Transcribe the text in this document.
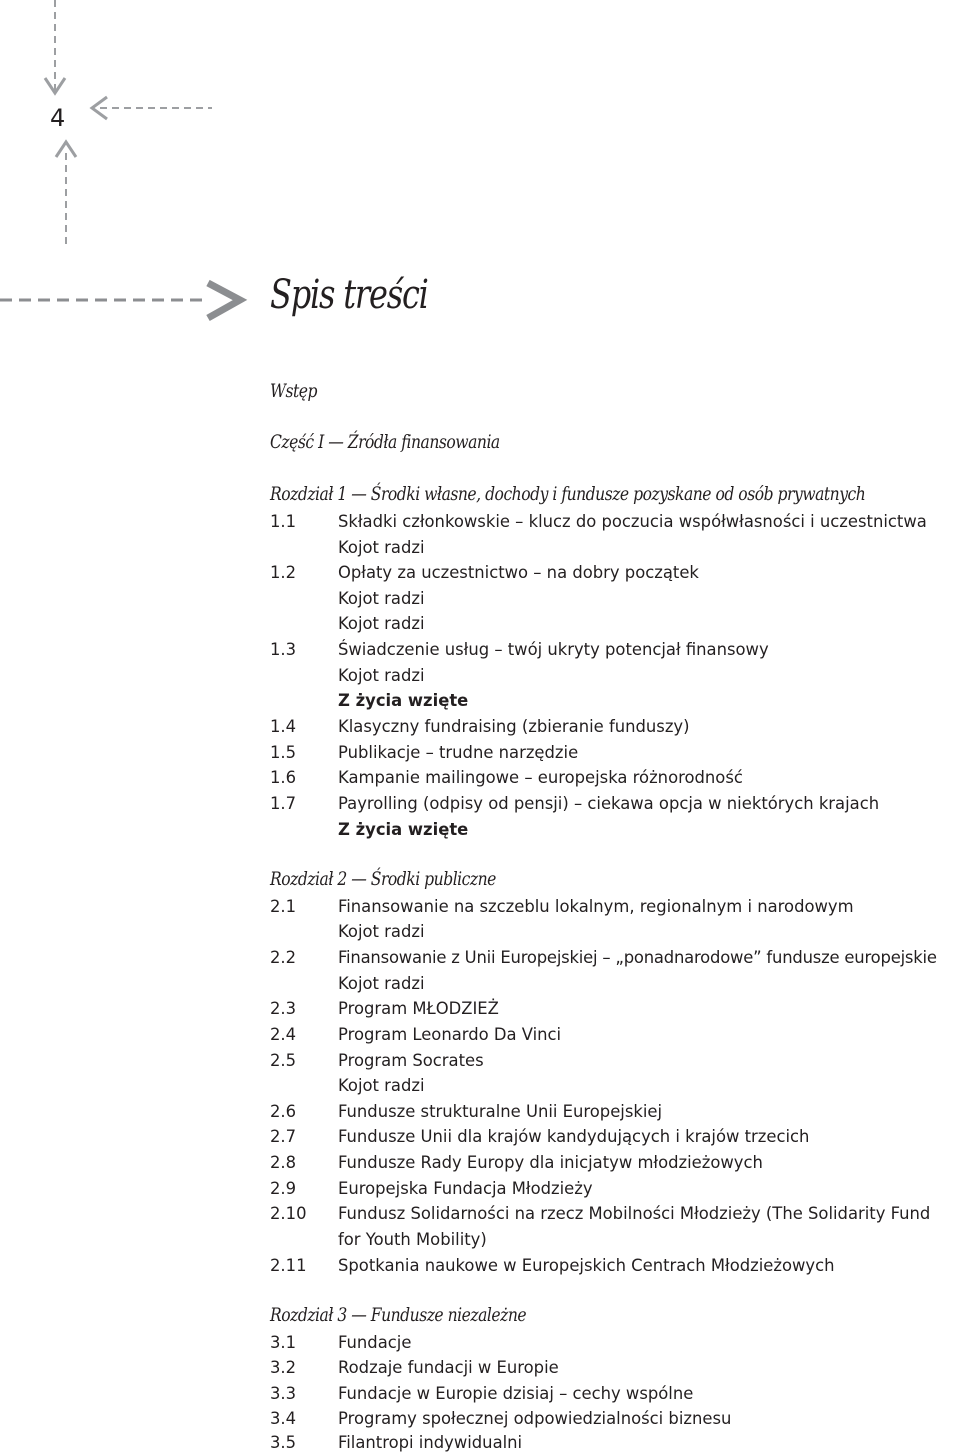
4
Spis treści
Wstęp
Część I — Źródła finansowania
Rozdział 1 — Środki własne, dochody i fundusze pozyskane od osób prywatnych
1.1	Składki członkowskie – klucz do poczucia współwłasności i uczestnictwa
Kojot radzi
1.2	Opłaty za uczestnictwo – na dobry początek
Kojot radzi
Kojot radzi
1.3	Świadczenie usług – twój ukryty potencjał finansowy
Kojot radzi
Z życia wzięte
1.4	Klasyczny fundraising (zbieranie funduszy)
1.5	Publikacje – trudne narzędzie
1.6	Kampanie mailingowe – europejska różnorodność
1.7	Payrolling (odpisy od pensji) – ciekawa opcja w niektórych krajach
Z życia wzięte
Rozdział 2 — Środki publiczne
2.1	Finansowanie na szczeblu lokalnym, regionalnym i narodowym
Kojot radzi
2.2	Finansowanie z Unii Europejskiej – „ponadnarodowe” fundusze europejskie
Kojot radzi
2.3	Program MŁODZIEŻ
2.4	Program Leonardo Da Vinci
2.5	Program Socrates
Kojot radzi
2.6	Fundusze strukturalne Unii Europejskiej
2.7	Fundusze Unii dla krajów kandydujących i krajów trzecich
2.8	Fundusze Rady Europy dla inicjatyw młodzieżowych
2.9	Europejska Fundacja Młodzieży
2.10 Fundusz Solidarności na rzecz Mobilności Młodzieży (The Solidarity Fund for Youth Mobility)
2.11 Spotkania naukowe w Europejskich Centrach Młodzieżowych
Rozdział 3 — Fundusze niezależne
3.1	Fundacje
3.2	Rodzaje fundacji w Europie
3.3	Fundacje w Europie dzisiaj – cechy wspólne
3.4	Programy społecznej odpowiedzialności biznesu
3.5	Filantropi indywidualni
